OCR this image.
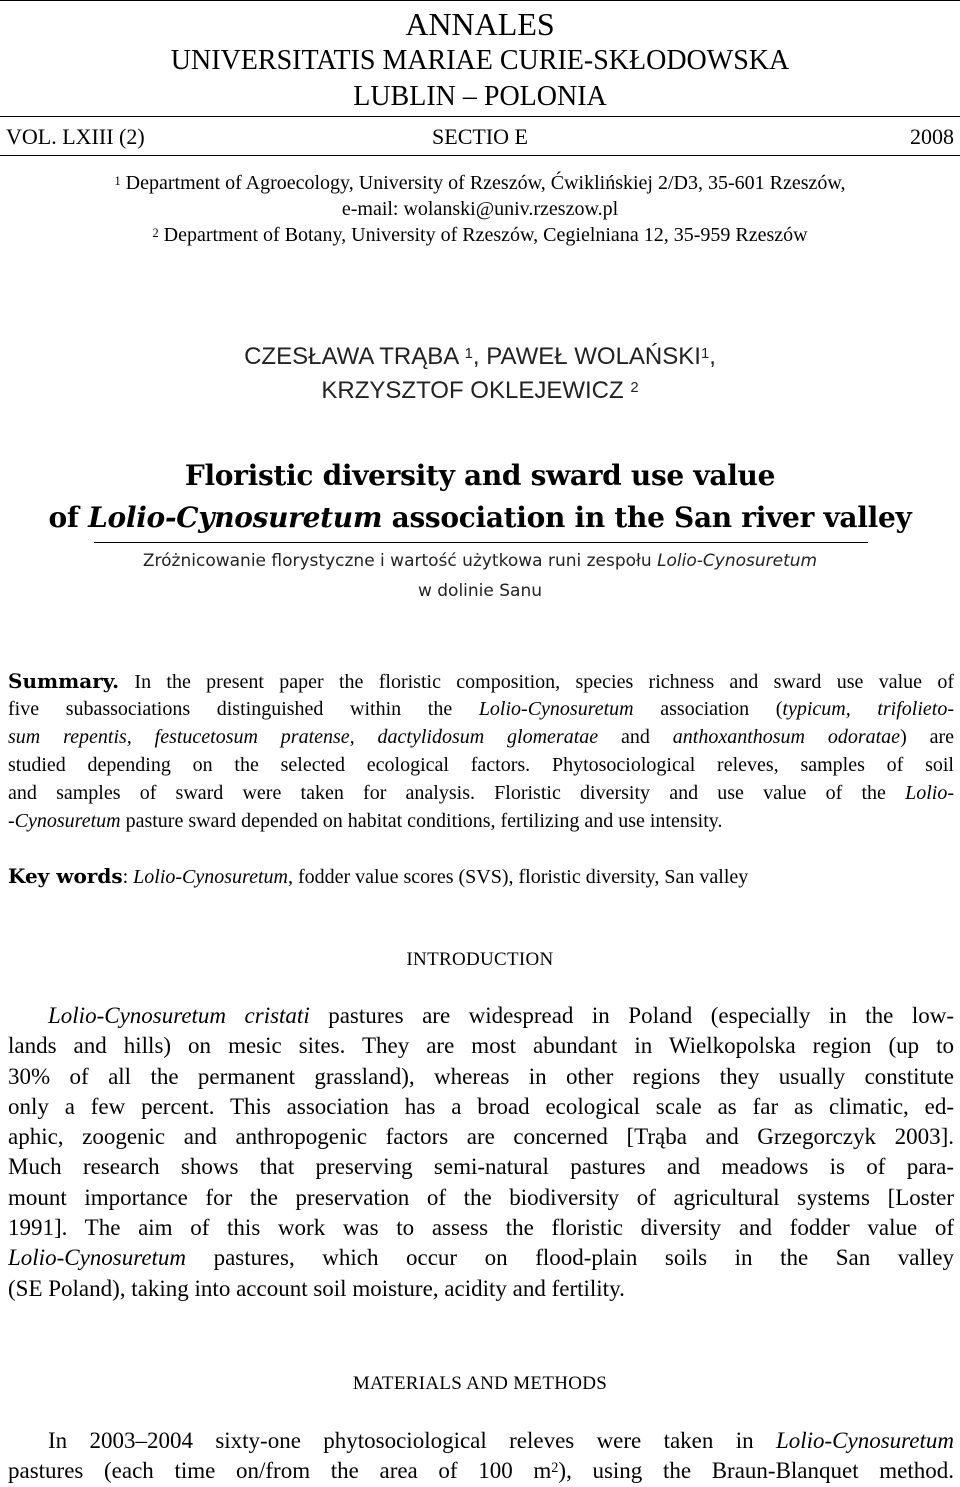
ANNALES
UNIVERSITATIS MARIAE CURIE-SKŁODOWSKA
LUBLIN – POLONIA
VOL. LXIII (2)	SECTIO E	2008
$^1$ Department of Agroecology, University of Rzeszów, Ćwiklińskiej 2/D3, 35-601 Rzeszów,
e-mail: wolanski@univ.rzeszow.pl
$^2$ Department of Botany, University of Rzeszów, Cegielniana 12, 35-959 Rzeszów
CZESŁAWA TRĄBA $^1$, PAWEŁ WOLAŃSKI$^1$,
KRZYSZTOF OKLEJEWICZ $^2$
Floristic diversity and sward use value
of Lolio-Cynosuretum association in the San river valley
Zróżnicowanie florystyczne i wartość użytkowa runi zespołu Lolio-Cynosuretum
w dolinie Sanu
Summary. In the present paper the floristic composition, species richness and sward use value of
five subassociations distinguished within the Lolio-Cynosuretum association (typicum, trifolieto-
sum repentis, festucetosum pratense, dactylidosum glomeratae and anthoxanthosum odoratae) are
studied depending on the selected ecological factors. Phytosociological releves, samples of soil
and samples of sward were taken for analysis. Floristic diversity and use value of the Lolio-
-Cynosuretum pasture sward depended on habitat conditions, fertilizing and use intensity.
Key words: Lolio-Cynosuretum, fodder value scores (SVS), floristic diversity, San valley
INTRODUCTION
Lolio-Cynosuretum cristati pastures are widespread in Poland (especially in the low-
lands and hills) on mesic sites. They are most abundant in Wielkopolska region (up to
30% of all the permanent grassland), whereas in other regions they usually constitute
only a few percent. This association has a broad ecological scale as far as climatic, ed-
aphic, zoogenic and anthropogenic factors are concerned [Trąba and Grzegorczyk 2003].
Much research shows that preserving semi-natural pastures and meadows is of para-
mount importance for the preservation of the biodiversity of agricultural systems [Loster
1991]. The aim of this work was to assess the floristic diversity and fodder value of
Lolio-Cynosuretum pastures, which occur on flood-plain soils in the San valley
(SE Poland), taking into account soil moisture, acidity and fertility.
MATERIALS AND METHODS
In 2003–2004 sixty-one phytosociological releves were taken in Lolio-Cynosuretum
pastures (each time on/from the area of 100 $m^2$), using the Braun-Blanquet method.
